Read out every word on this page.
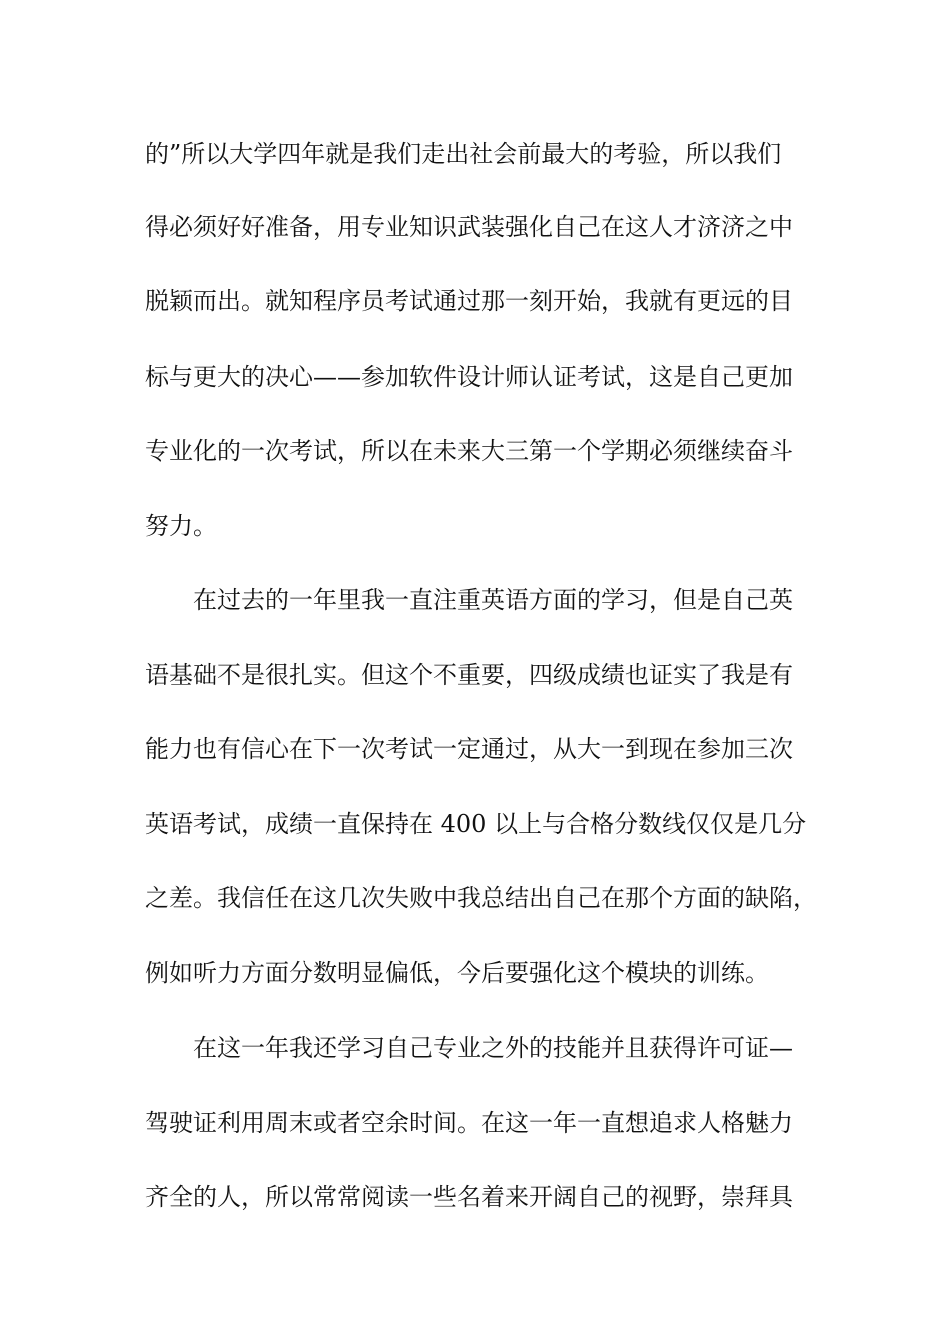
的”所以大学四年就是我们走出社会前最大的考验，所以我们

得必须好好准备，用专业知识武装强化自己在这人才济济之中

脱颖而出。就知程序员考试通过那一刻开始，我就有更远的目

标与更大的决心——参加软件设计师认证考试，这是自己更加

专业化的一次考试，所以在未来大三第一个学期必须继续奋斗

努力。

在过去的一年里我一直注重英语方面的学习，但是自己英

语基础不是很扎实。但这个不重要，四级成绩也证实了我是有

能力也有信心在下一次考试一定通过，从大一到现在参加三次

英语考试，成绩一直保持在 400 以上与合格分数线仅仅是几分

之差。我信任在这几次失败中我总结出自己在那个方面的缺陷，

例如听力方面分数明显偏低，今后要强化这个模块的训练。

在这一年我还学习自己专业之外的技能并且获得许可证—

驾驶证利用周末或者空余时间。在这一年一直想追求人格魅力

齐全的人，所以常常阅读一些名着来开阔自己的视野，崇拜具
